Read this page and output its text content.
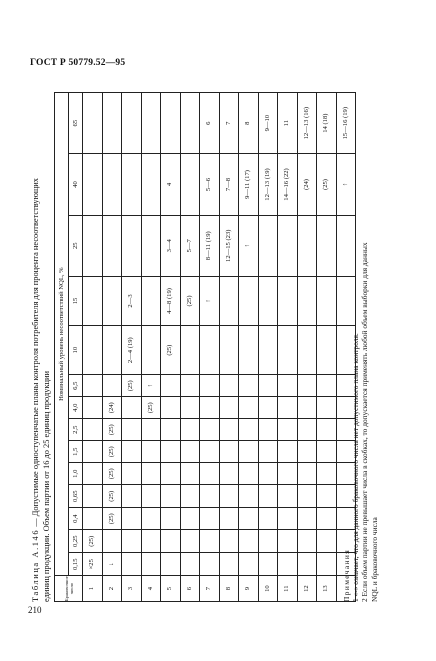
ГОСТ Р 50779.52—95
Таблица А.146 — Допустимые одноступенчатые планы контроля потребителя для процента несоответствующих единиц продукции. Объем партии от 16 до 25 единиц продукции	Браковочное число	Номинальный уровень несоответствий NQL, %													
	0,15	0,25	0,4	0,65	1,0	1,5	2,5	4,0	6,5	10	15	25	40	65
1	×25	(25)												
2	↓		(25)	(25)	(25)	(25)	(25)	(24)						
3									(25)	2—4 (19)	2—3			
4								(25)	↑					
5										(25)	4—8 (19)	3—4	4	
6											(25)	5—7		
7											↑	8—11 (19)	5—6	6
8												12—15 (23)	7—8	7
9												↑	9—11 (17)	8
10													12—13 (19)	9—10
11													14—16 (22)	11
12													(24)	12—13 (16)
13													(25)	14 (18)
													↑	15—16 (19)
Примечания 1 «-» означает, что для данного браковочного числа нет допустимого плана контроля. 2 Если объем партии не превышает числа в скобках, то допускается применять любой объем выборки для данных NQL и браковочного числа
210
